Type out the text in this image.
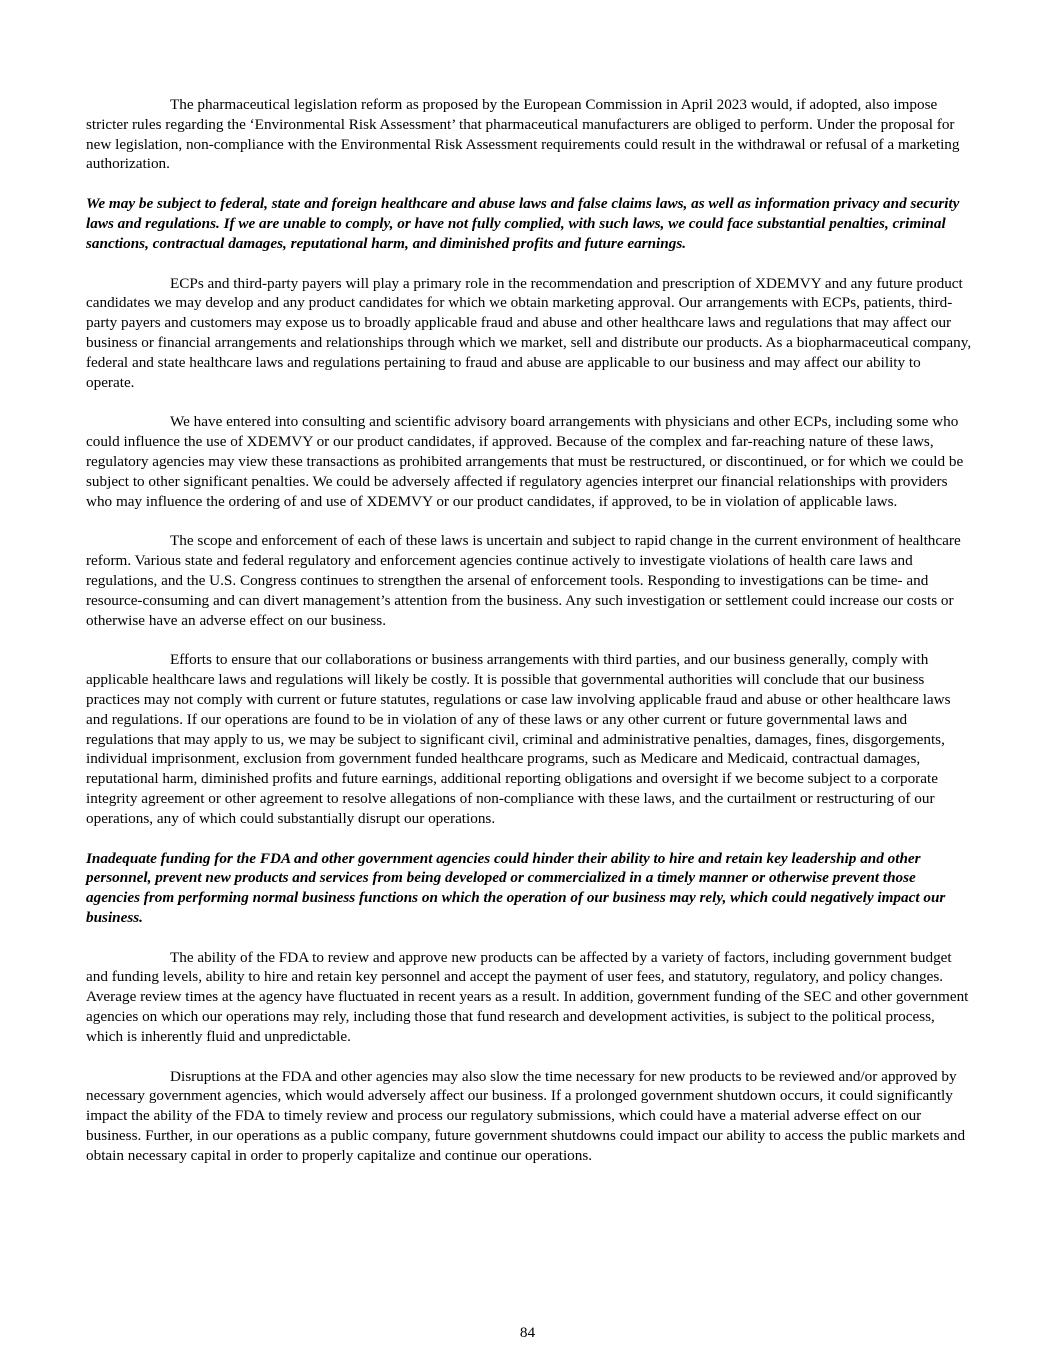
The pharmaceutical legislation reform as proposed by the European Commission in April 2023 would, if adopted, also impose stricter rules regarding the ‘Environmental Risk Assessment’ that pharmaceutical manufacturers are obliged to perform. Under the proposal for new legislation, non-compliance with the Environmental Risk Assessment requirements could result in the withdrawal or refusal of a marketing authorization.

We may be subject to federal, state and foreign healthcare and abuse laws and false claims laws, as well as information privacy and security laws and regulations. If we are unable to comply, or have not fully complied, with such laws, we could face substantial penalties, criminal sanctions, contractual damages, reputational harm, and diminished profits and future earnings.

ECPs and third-party payers will play a primary role in the recommendation and prescription of XDEMVY and any future product candidates we may develop and any product candidates for which we obtain marketing approval. Our arrangements with ECPs, patients, third-party payers and customers may expose us to broadly applicable fraud and abuse and other healthcare laws and regulations that may affect our business or financial arrangements and relationships through which we market, sell and distribute our products. As a biopharmaceutical company, federal and state healthcare laws and regulations pertaining to fraud and abuse are applicable to our business and may affect our ability to operate.

We have entered into consulting and scientific advisory board arrangements with physicians and other ECPs, including some who could influence the use of XDEMVY or our product candidates, if approved. Because of the complex and far-reaching nature of these laws, regulatory agencies may view these transactions as prohibited arrangements that must be restructured, or discontinued, or for which we could be subject to other significant penalties. We could be adversely affected if regulatory agencies interpret our financial relationships with providers who may influence the ordering of and use of XDEMVY or our product candidates, if approved, to be in violation of applicable laws.

The scope and enforcement of each of these laws is uncertain and subject to rapid change in the current environment of healthcare reform. Various state and federal regulatory and enforcement agencies continue actively to investigate violations of health care laws and regulations, and the U.S. Congress continues to strengthen the arsenal of enforcement tools. Responding to investigations can be time- and resource-consuming and can divert management’s attention from the business. Any such investigation or settlement could increase our costs or otherwise have an adverse effect on our business.

Efforts to ensure that our collaborations or business arrangements with third parties, and our business generally, comply with applicable healthcare laws and regulations will likely be costly. It is possible that governmental authorities will conclude that our business practices may not comply with current or future statutes, regulations or case law involving applicable fraud and abuse or other healthcare laws and regulations. If our operations are found to be in violation of any of these laws or any other current or future governmental laws and regulations that may apply to us, we may be subject to significant civil, criminal and administrative penalties, damages, fines, disgorgements, individual imprisonment, exclusion from government funded healthcare programs, such as Medicare and Medicaid, contractual damages, reputational harm, diminished profits and future earnings, additional reporting obligations and oversight if we become subject to a corporate integrity agreement or other agreement to resolve allegations of non-compliance with these laws, and the curtailment or restructuring of our operations, any of which could substantially disrupt our operations.

Inadequate funding for the FDA and other government agencies could hinder their ability to hire and retain key leadership and other personnel, prevent new products and services from being developed or commercialized in a timely manner or otherwise prevent those agencies from performing normal business functions on which the operation of our business may rely, which could negatively impact our business.

The ability of the FDA to review and approve new products can be affected by a variety of factors, including government budget and funding levels, ability to hire and retain key personnel and accept the payment of user fees, and statutory, regulatory, and policy changes. Average review times at the agency have fluctuated in recent years as a result. In addition, government funding of the SEC and other government agencies on which our operations may rely, including those that fund research and development activities, is subject to the political process, which is inherently fluid and unpredictable.

Disruptions at the FDA and other agencies may also slow the time necessary for new products to be reviewed and/or approved by necessary government agencies, which would adversely affect our business. If a prolonged government shutdown occurs, it could significantly impact the ability of the FDA to timely review and process our regulatory submissions, which could have a material adverse effect on our business. Further, in our operations as a public company, future government shutdowns could impact our ability to access the public markets and obtain necessary capital in order to properly capitalize and continue our operations.

84
